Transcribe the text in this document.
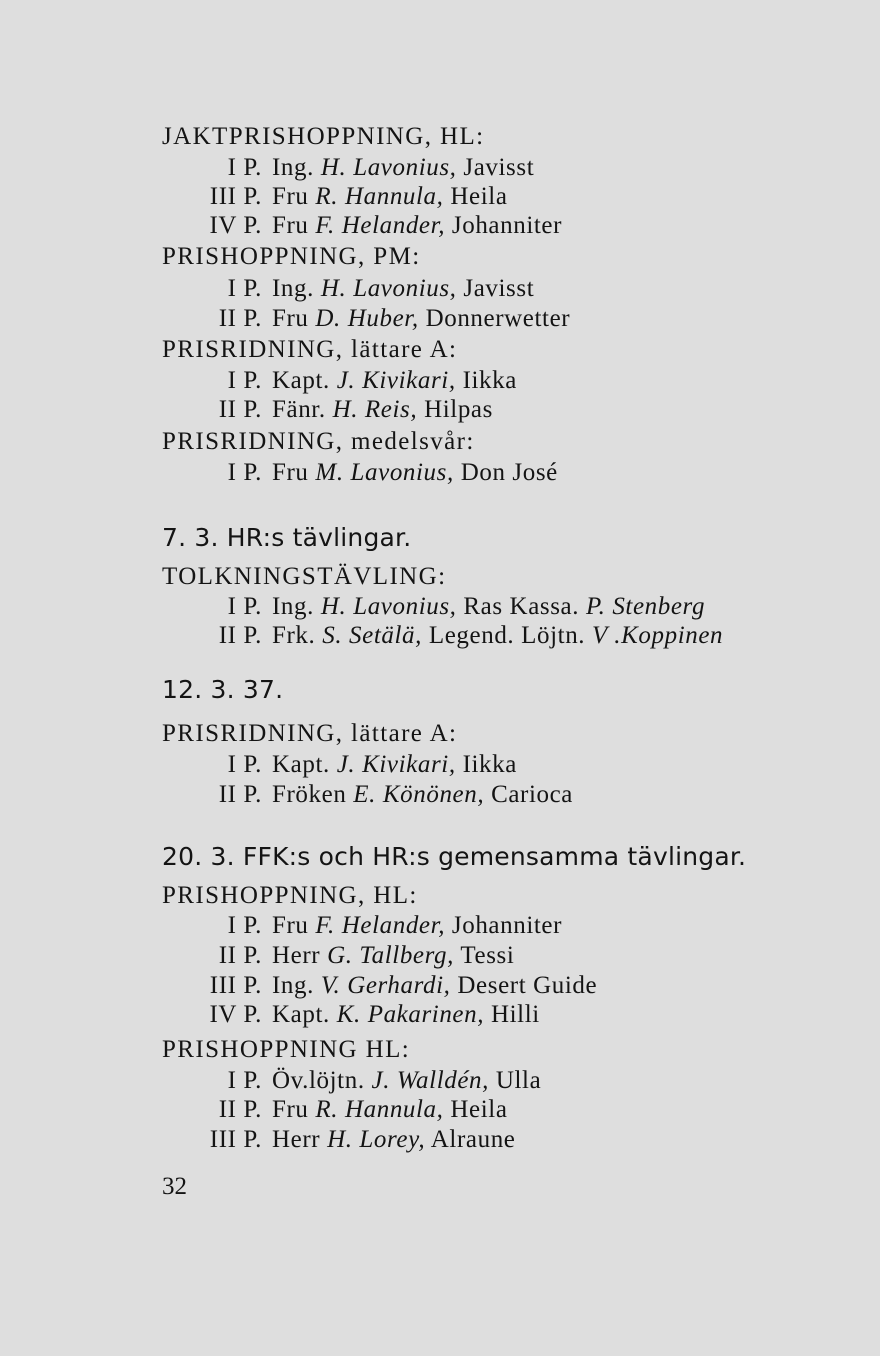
32
JAKTPRISHOPPNING, HL:
I P. Ing. H. Lavonius, Javisst
III P. Fru R. Hannula, Heila
IV P. Fru F. Helander, Johanniter
PRISHOPPNING, PM:
I P. Ing. H. Lavonius, Javisst
II P. Fru D. Huber, Donnerwetter
PRISRIDNING, lättare A:
I P. Kapt. J. Kivikari, Iikka
II P. Fänr. H. Reis, Hilpas
PRISRIDNING, medelsvår:
I P. Fru M. Lavonius, Don José
7. 3. HR:s tävlingar.
TOLKNINGSTÄVLING:
I P. Ing. H. Lavonius, Ras Kassa. P. Stenberg
II P. Frk. S. Setälä, Legend. Löjtn. V .Koppinen
12. 3. 37.
PRISRIDNING, lättare A:
I P. Kapt. J. Kivikari, Iikka
II P. Fröken E. Könönen, Carioca
20. 3. FFK:s och HR:s gemensamma tävlingar.
PRISHOPPNING, HL:
I P. Fru F. Helander, Johanniter
II P. Herr G. Tallberg, Tessi
III P. Ing. V. Gerhardi, Desert Guide
IV P. Kapt. K. Pakarinen, Hilli
PRISHOPPNING HL:
I P. Öv.löjtn. J. Walldén, Ulla
II P. Fru R. Hannula, Heila
III P. Herr H. Lorey, Alraune
